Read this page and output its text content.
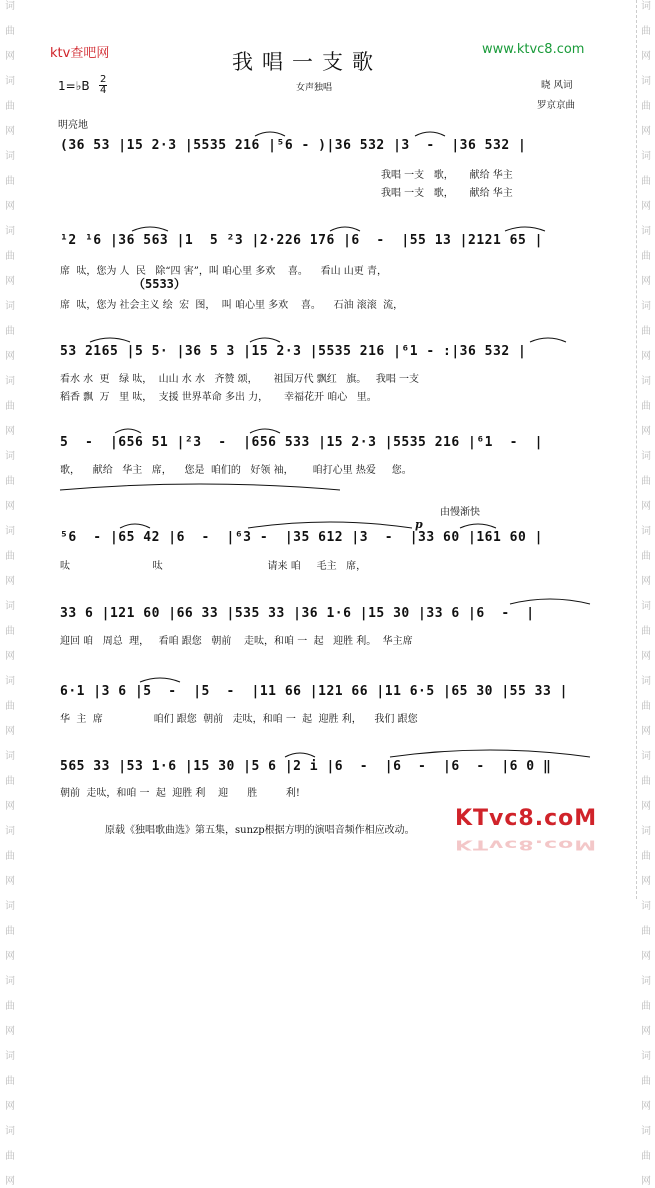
词
曲
网
词
曲
网
词
曲
网
词
曲
网
词
曲
网
词
曲
网
词
曲
网
词
曲
网
词
曲
网
词
曲
网
词
曲
网
词
曲
网
词
曲
网
词
曲
网
词
曲
网
词
曲
网
词
曲
网
词
曲
网
词
曲
网
词
曲
网
词
曲
网
词
曲
网
词
曲
网
词
曲
网
词
曲
网
词
曲
网
词
曲
网
词
曲
网
词
曲
网
词
曲
网
词
曲
网
词
曲
网
ktv查吧网	www.ktvc8.com
我唱一支歌
1=♭B 2
4	女声独唱	晓 风词
罗京京曲
明亮地
(36 53 |15 2·3 |5535 216 |⁵6 - )|36 532 |3  -  |36 532 |
我唱 一支   歌，     献给 华主
我唱 一支   歌，     献给 华主
¹2 ¹6 |36 563 |1  5 ²3 |2·226 176 |6  -  |55 13 |2121 65 |
席  呔，您为 人  民   除“四 害”，叫 咱心里 多欢    喜。    看山 山更 青，
（5533）
席  呔，您为 社会主义 绘  宏  图，  叫 咱心里 多欢    喜。    石油 滚滚  流，
53 2165 |5 5· |36 5 3 |15 2·3 |5535 216 |⁶1 - :|36 532 |
看水 水  更   绿 呔，  山山 水 水   齐赞 颂，     祖国万代 飘红   旗。   我唱 一支
稻香 飘  万   里 呔，  支援 世界革命 多出 力，     幸福花开 咱心   里。
5  -  |656 51 |²3  -  |656 533 |15 2·3 |5535 216 |⁶1  -  |
歌，    献给   华主   席，    您是  咱们的   好领 袖，      咱打心里 热爱     您。
由慢渐快
p
⁵6  - |65 42 |6  -  |⁶3 -  |35 612 |3  -  |33 60 |161 60 |
呔                          呔                                 请来 咱     毛主   席，
33 6 |121 60 |66 33 |535 33 |36 1·6 |15 30 |33 6 |6  -  |
迎回 咱   周总  理，   看咱 跟您   朝前    走呔，和咱 一  起   迎胜 利。  华主席
6·1 |3 6 |5  -  |5  -  |11 66 |121 66 |11 6·5 |65 30 |55 33 |
华  主  席                咱们 跟您  朝前   走呔，和咱 一  起  迎胜 利，    我们 跟您
565 33 |53 1·6 |15 30 |5 6 |2 i |6  -  |6  -  |6  -  |6 0 ‖
朝前  走呔，和咱 一  起  迎胜 利    迎      胜         利!
原载《独唱歌曲选》第五集，sunzp根据方明的演唱音频作相应改动。 KTvc8.coM
KTvc8.coM
